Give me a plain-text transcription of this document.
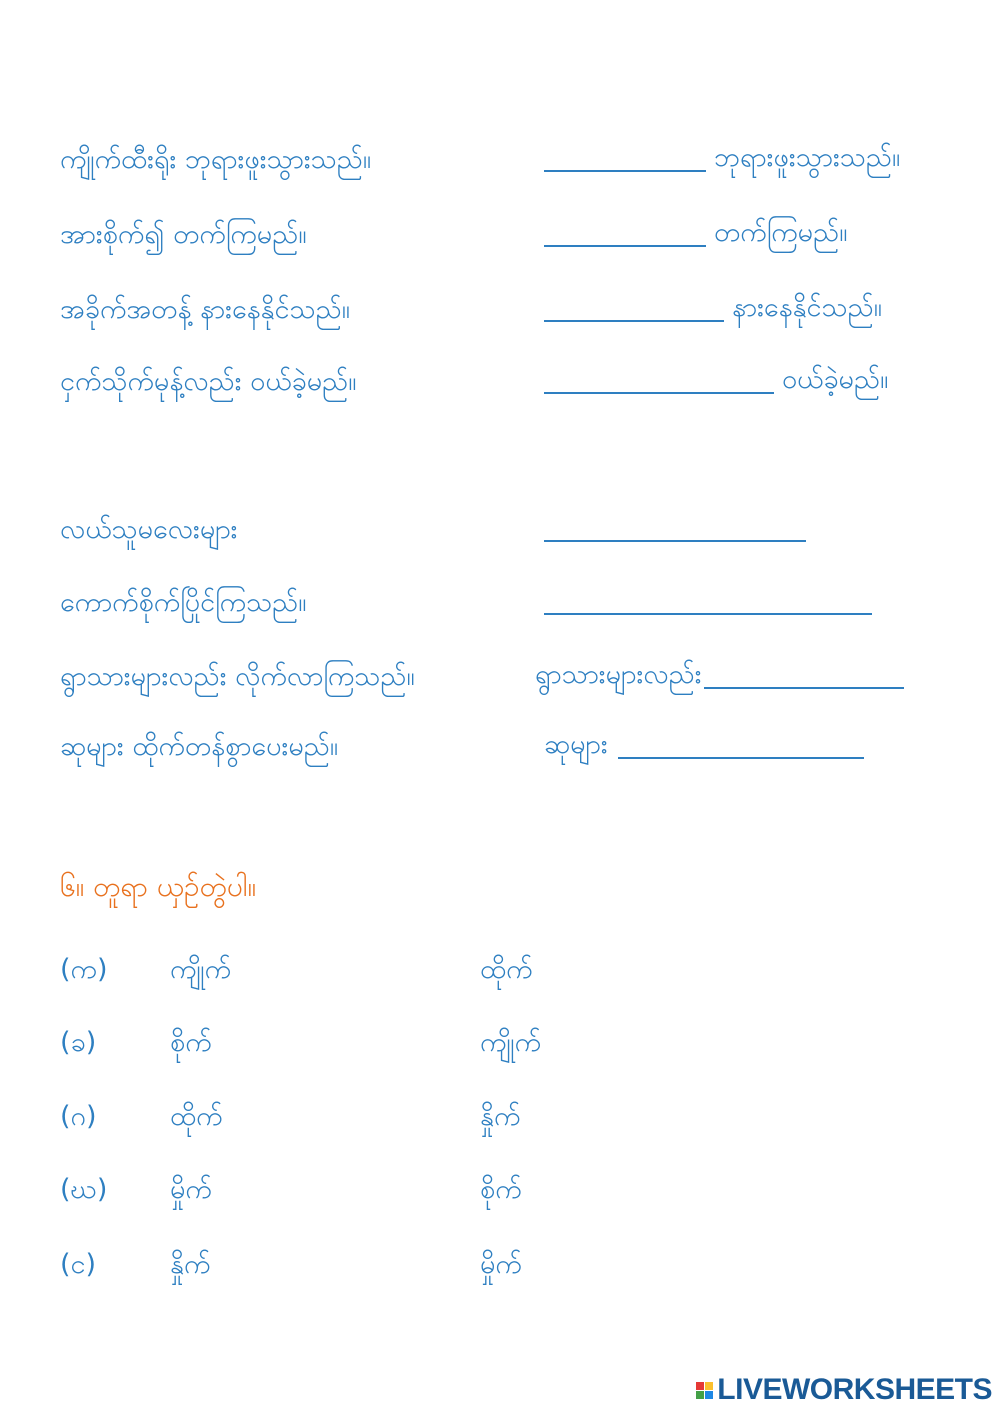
ကျိုက်ထီးရိုး ဘုရားဖူးသွားသည်။	ဘုရားဖူးသွားသည်။
အားစိုက်၍ တက်ကြမည်။	တက်ကြမည်။
အခိုက်အတန့် နားနေနိုင်သည်။	နားနေနိုင်သည်။
ငှက်သိုက်မုန့်လည်း ဝယ်ခဲ့မည်။	ဝယ်ခဲ့မည်။
လယ်သူမလေးများ
ကောက်စိုက်ပြိုင်ကြသည်။
ရွာသားများလည်း လိုက်လာကြသည်။	ရွာသားများလည်း
ဆုများ ထိုက်တန်စွာပေးမည်။	ဆုများ
၆။ တူရာ ယှဉ်တွဲပါ။
(က) ကျိုက်	ထိုက်
(ခ)	စိုက်	ကျိုက်
(ဂ)	ထိုက်	နှိုက်
(ဃ) မှိုက်	စိုက်
(င)	နှိုက်	မှိုက်
LIVEWORKSHEETS
